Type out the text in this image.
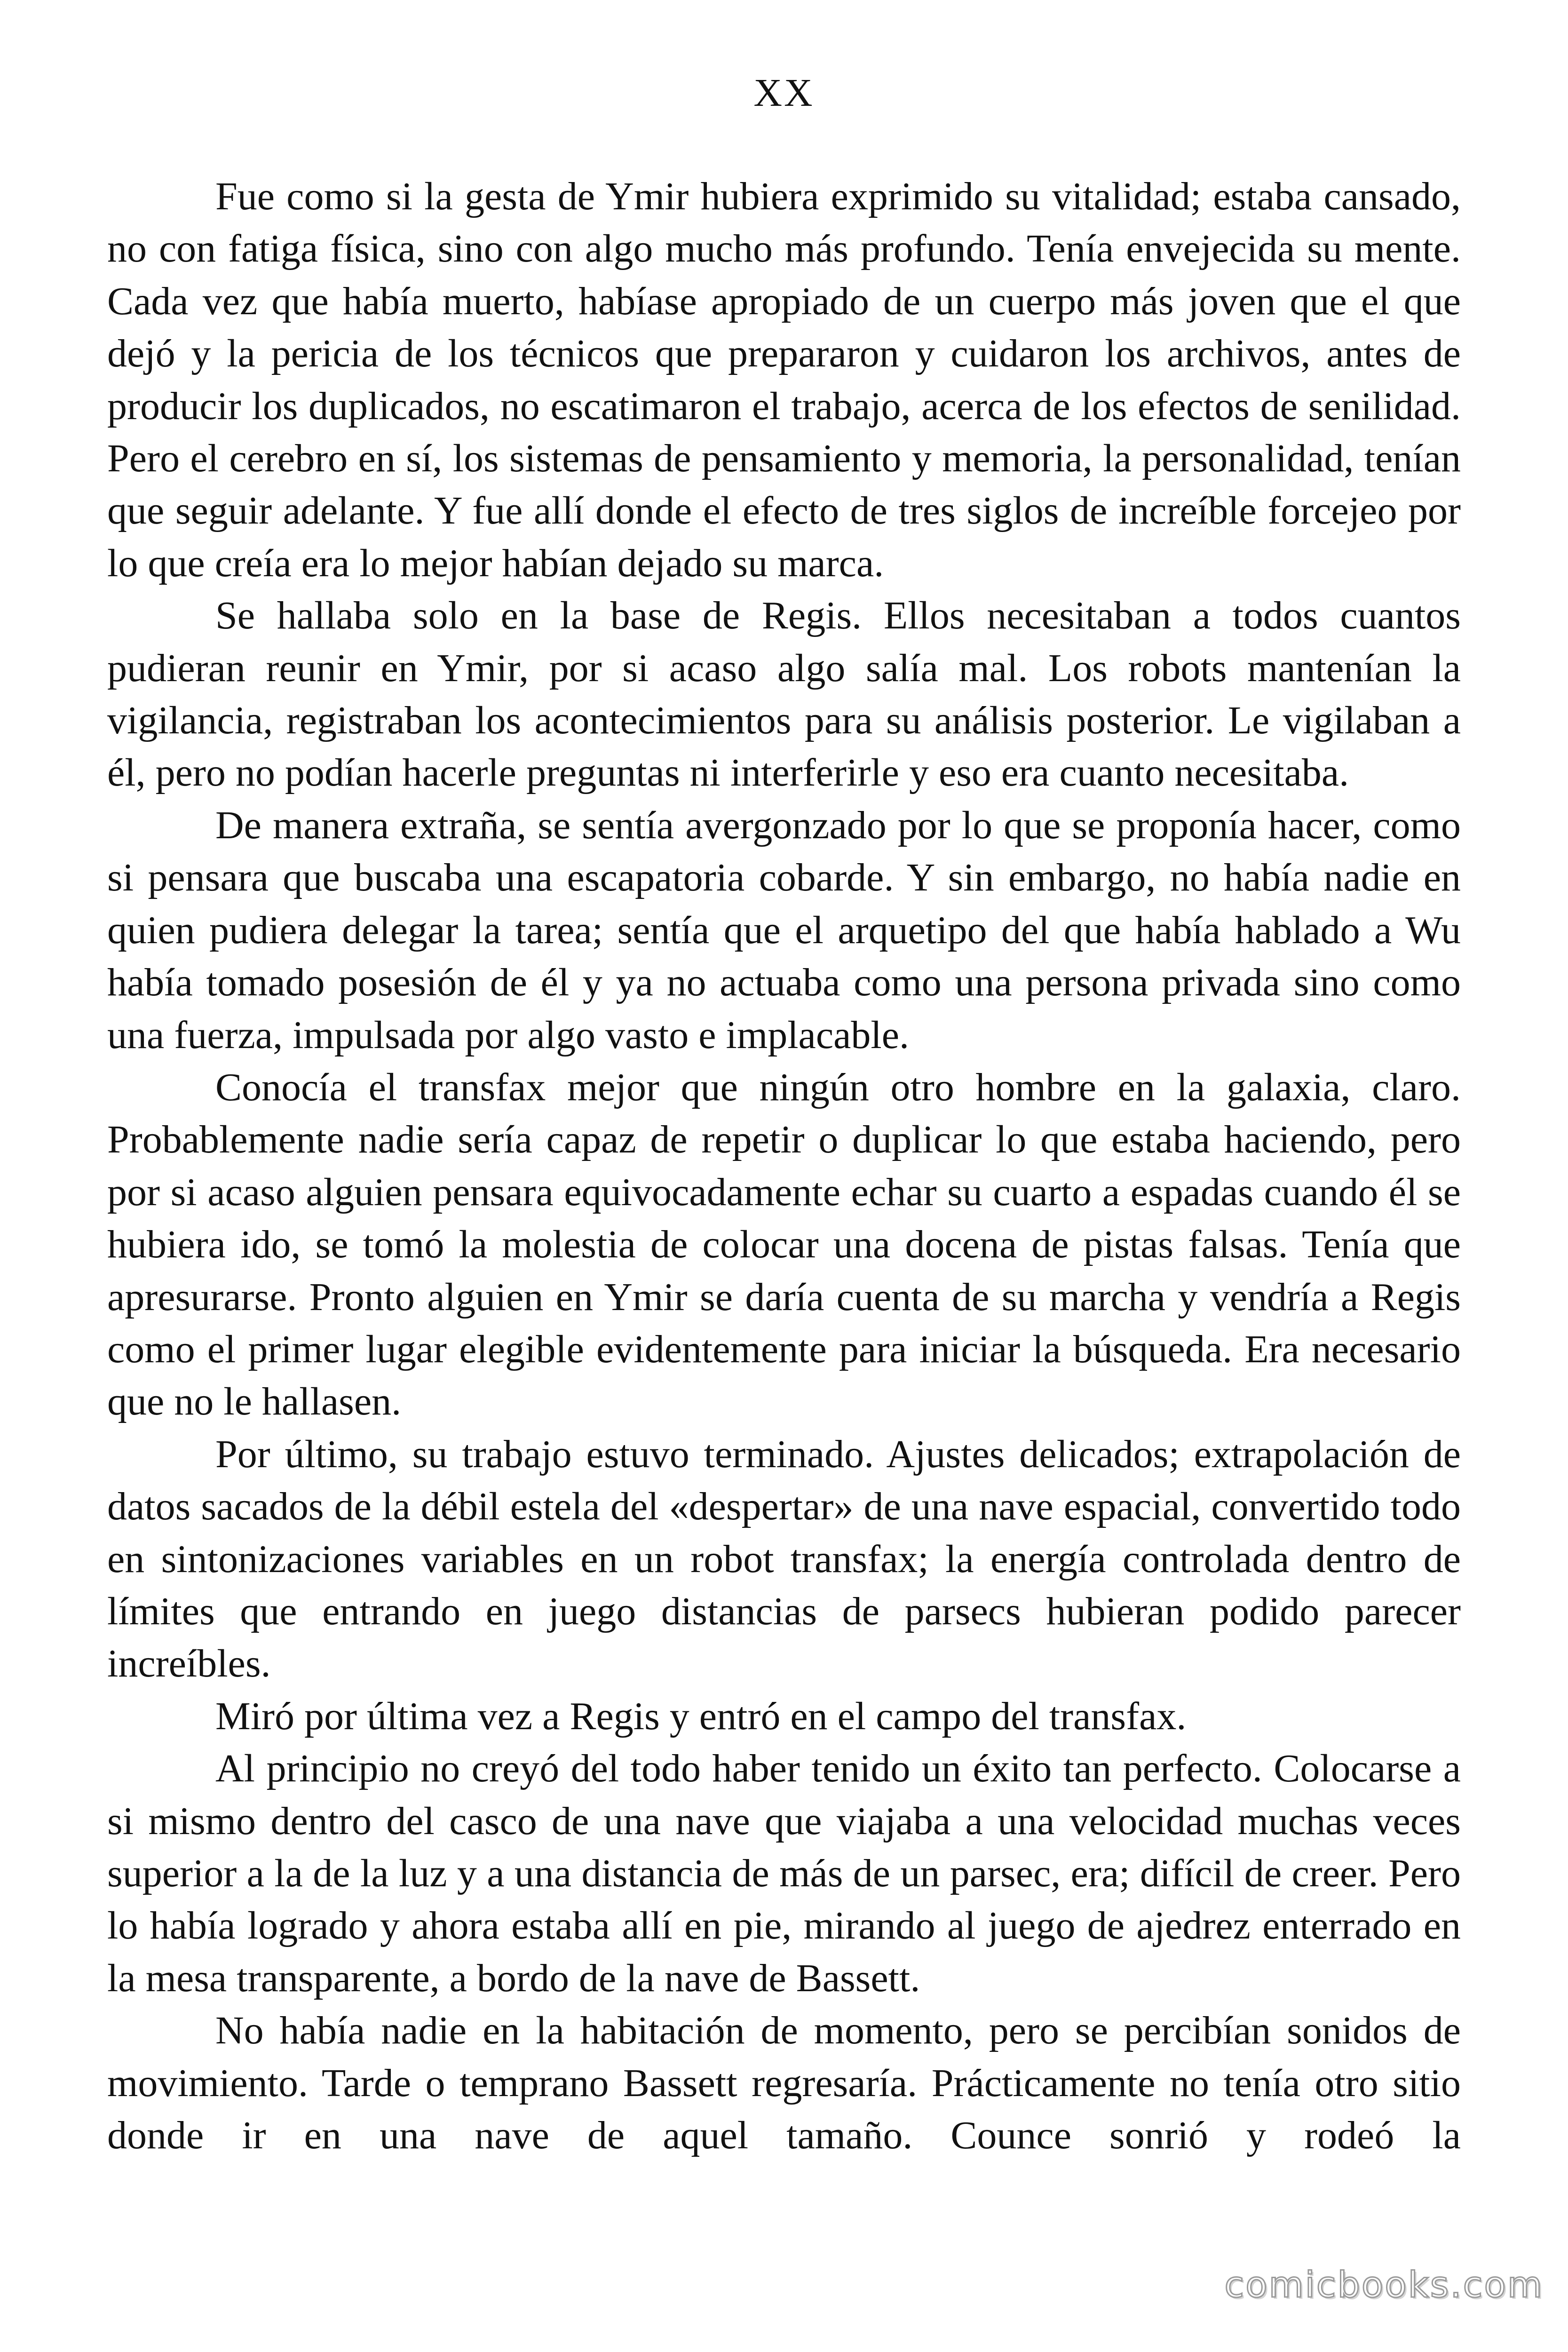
XX

Fue como si la gesta de Ymir hubiera exprimido su vitalidad; estaba cansado, no con fatiga física, sino con algo mucho más profundo. Tenía envejecida su mente. Cada vez que había muerto, habíase apropiado de un cuerpo más joven que el que dejó y la pericia de los técnicos que prepararon y cuidaron los archivos, antes de producir los duplicados, no escatimaron el trabajo, acerca de los efectos de senilidad. Pero el cerebro en sí, los sistemas de pensamiento y memoria, la personalidad, tenían que seguir adelante. Y fue allí donde el efecto de tres siglos de increíble forcejeo por lo que creía era lo mejor habían dejado su marca.

Se hallaba solo en la base de Regis. Ellos necesitaban a todos cuantos pudieran reunir en Ymir, por si acaso algo salía mal. Los robots mantenían la vigilancia, registraban los acontecimientos para su análisis posterior. Le vigilaban a él, pero no podían hacerle preguntas ni interferirle y eso era cuanto necesitaba.

De manera extraña, se sentía avergonzado por lo que se proponía hacer, como si pensara que buscaba una escapatoria cobarde. Y sin embargo, no había nadie en quien pudiera delegar la tarea; sentía que el arquetipo del que había hablado a Wu había tomado posesión de él y ya no actuaba como una persona privada sino como una fuerza, impulsada por algo vasto e implacable.

Conocía el transfax mejor que ningún otro hombre en la galaxia, claro. Probablemente nadie sería capaz de repetir o duplicar lo que estaba haciendo, pero por si acaso alguien pensara equivocadamente echar su cuarto a espadas cuando él se hubiera ido, se tomó la molestia de colocar una docena de pistas falsas. Tenía que apresurarse. Pronto alguien en Ymir se daría cuenta de su marcha y vendría a Regis como el primer lugar elegible evidentemente para iniciar la búsqueda. Era necesario que no le hallasen.

Por último, su trabajo estuvo terminado. Ajustes delicados; extrapolación de datos sacados de la débil estela del «despertar» de una nave espacial, convertido todo en sintonizaciones variables en un robot transfax; la energía controlada dentro de límites que entrando en juego distancias de parsecs hubieran podido parecer increíbles.

Miró por última vez a Regis y entró en el campo del transfax.

Al principio no creyó del todo haber tenido un éxito tan perfecto. Colocarse a si mismo dentro del casco de una nave que viajaba a una velocidad muchas veces superior a la de la luz y a una distancia de más de un parsec, era; difícil de creer. Pero lo había logrado y ahora estaba allí en pie, mirando al juego de ajedrez enterrado en la mesa transparente, a bordo de la nave de Bassett.

No había nadie en la habitación de momento, pero se percibían sonidos de movimiento. Tarde o temprano Bassett regresaría. Prácticamente no tenía otro sitio donde ir en una nave de aquel tamaño. Counce sonrió y rodeó la

comicbooks.com
